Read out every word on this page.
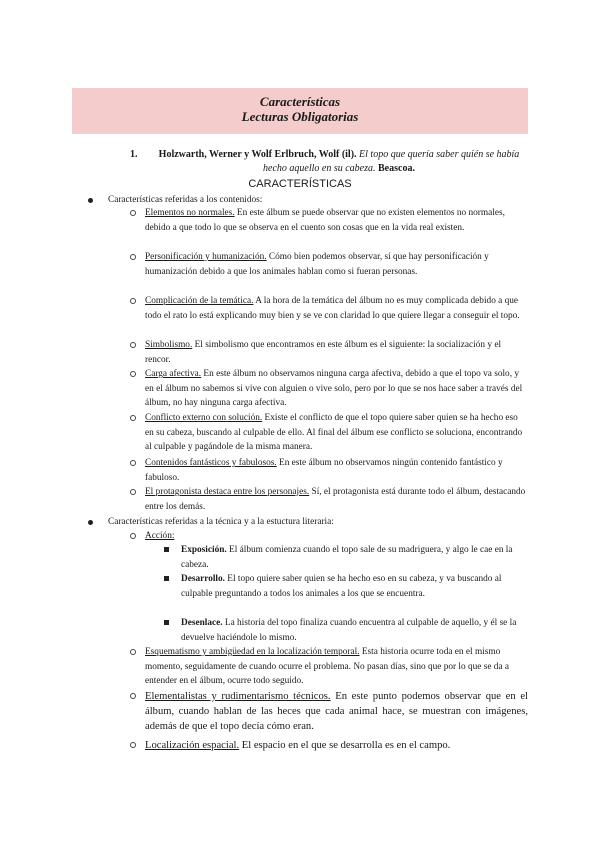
Características
Lecturas Obligatorias
1.	Holzwarth, Werner y Wolf Erlbruch, Wolf (il). El topo que quería saber quién se había hecho aquello en su cabeza. Beascoa.
CARACTERÍSTICAS
Características referidas a los contenidos:
Elementos no normales. En este álbum se puede observar que no existen elementos no normales, debido a que todo lo que se observa en el cuento son cosas que en la vida real existen.
Personificación y humanización. Cómo bien podemos observar, sí que hay personificación y humanización debido a que los animales hablan como si fueran personas.
Complicación de la temática. A la hora de la temática del álbum no es muy complicada debido a que todo el rato lo está explicando muy bien y se ve con claridad lo que quiere llegar a conseguir el topo.
Simbolismo. El simbolismo que encontramos en este álbum es el siguiente: la socialización y el rencor.
Carga afectiva. En este álbum no observamos ninguna carga afectiva, debido a que el topo va solo, y en el álbum no sabemos si vive con alguien o vive solo, pero por lo que se nos hace saber a través del álbum, no hay ninguna carga afectiva.
Conflicto externo con solución. Existe el conflicto de que el topo quiere saber quien se ha hecho eso en su cabeza, buscando al culpable de ello. Al final del álbum ese conflicto se soluciona, encontrando al culpable y pagándole de la misma manera.
Contenidos fantásticos y fabulosos. En este álbum no observamos ningún contenido fantástico y fabuloso.
El protagonista destaca entre los personajes. Sí, el protagonista está durante todo el álbum, destacando entre los demás.
Características referidas a la técnica y a la estuctura literaria:
Acción:
Exposición. El álbum comienza cuando el topo sale de su madriguera, y algo le cae en la cabeza.
Desarrollo. El topo quiere saber quien se ha hecho eso en su cabeza, y va buscando al culpable preguntando a todos los animales a los que se encuentra.
Desenlace. La historia del topo finaliza cuando encuentra al culpable de aquello, y él se la devuelve haciéndole lo mismo.
Esquematismo y ambigüedad en la localización temporal. Esta historia ocurre toda en el mismo momento, seguidamente de cuando ocurre el problema. No pasan días, sino que por lo que se da a entender en el álbum, ocurre todo seguido.
Elementalistas y rudimentarismo técnicos. En este punto podemos observar que en el álbum, cuando hablan de las heces que cada animal hace, se muestran con imágenes, además de que el topo decía cómo eran.
Localización espacial. El espacio en el que se desarrolla es en el campo.
